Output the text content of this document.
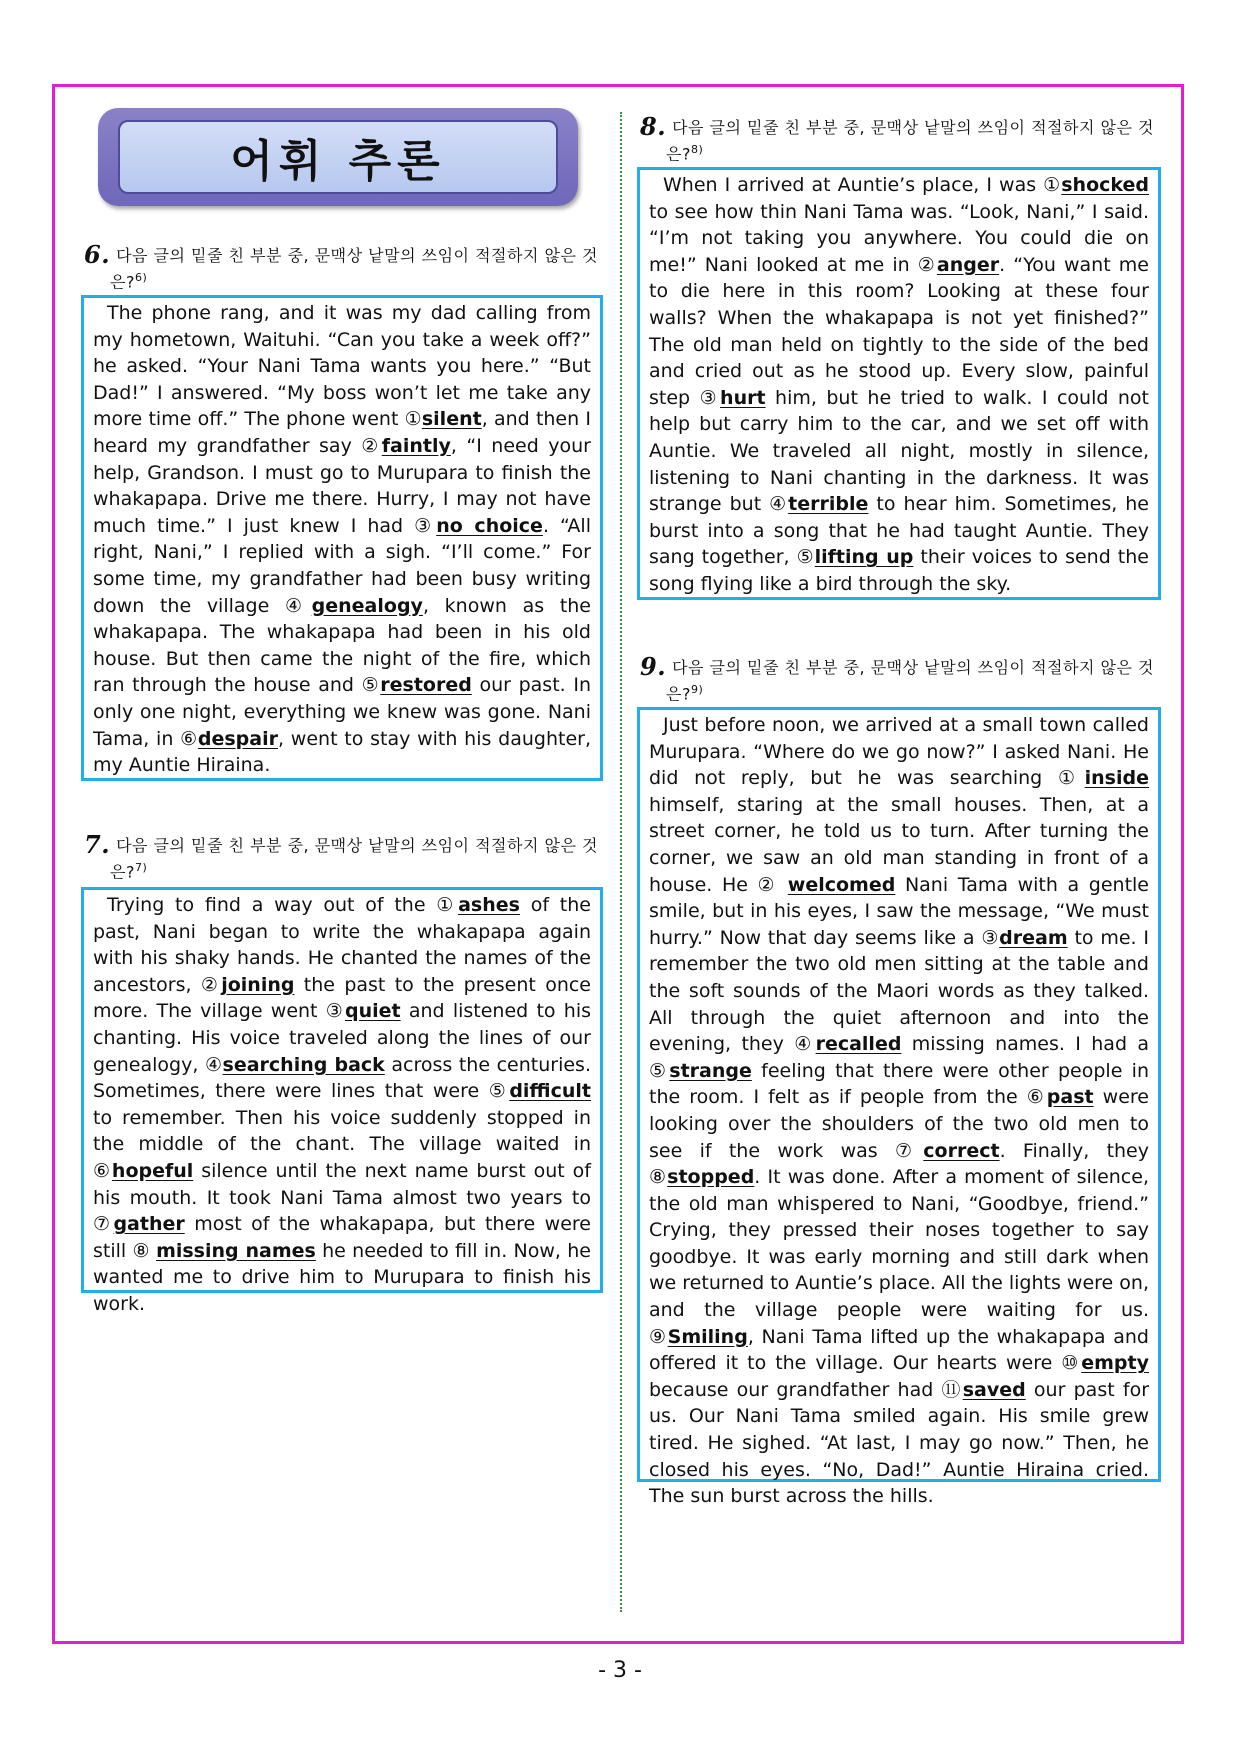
어휘 추론
6. 다음 글의 밑줄 친 부분 중, 문맥상 낱말의 쓰임이 적절하지 않은 것
은?$^{6)}$
The phone rang, and it was my dad calling from my hometown, Waituhi. “Can you take a week off?” he asked. “Your Nani Tama wants you here.” “But Dad!” I answered. “My boss won’t let me take any more time off.” The phone went ①silent, and then I heard my grandfather say ②faintly, “I need your help, Grandson. I must go to Murupara to finish the whakapapa. Drive me there. Hurry, I may not have much time.” I just knew I had ③no choice. “All right, Nani,” I replied with a sigh. “I’ll come.” For some time, my grandfather had been busy writing down the village ④genealogy, known as the whakapapa. The whakapapa had been in his old house. But then came the night of the fire, which ran through the house and ⑤restored our past. In only one night, everything we knew was gone. Nani Tama, in ⑥despair, went to stay with his daughter, my Auntie Hiraina.
7. 다음 글의 밑줄 친 부분 중, 문맥상 낱말의 쓰임이 적절하지 않은 것
은?$^{7)}$
Trying to find a way out of the ①ashes of the past, Nani began to write the whakapapa again with his shaky hands. He chanted the names of the ancestors, ②joining the past to the present once more. The village went ③quiet and listened to his chanting. His voice traveled along the lines of our genealogy, ④searching back across the centuries. Sometimes, there were lines that were ⑤difficult to remember. Then his voice suddenly stopped in the middle of the chant. The village waited in ⑥hopeful silence until the next name burst out of his mouth. It took Nani Tama almost two years to ⑦gather most of the whakapapa, but there were still ⑧ missing names he needed to fill in. Now, he wanted me to drive him to Murupara to finish his work.
8. 다음 글의 밑줄 친 부분 중, 문맥상 낱말의 쓰임이 적절하지 않은 것
은?$^{8)}$
When I arrived at Auntie’s place, I was ①shocked to see how thin Nani Tama was. “Look, Nani,” I said. “I’m not taking you anywhere. You could die on me!” Nani looked at me in ②anger. “You want me to die here in this room? Looking at these four walls? When the whakapapa is not yet finished?” The old man held on tightly to the side of the bed and cried out as he stood up. Every slow, painful step ③hurt him, but he tried to walk. I could not help but carry him to the car, and we set off with Auntie. We traveled all night, mostly in silence, listening to Nani chanting in the darkness. It was strange but ④terrible to hear him. Sometimes, he burst into a song that he had taught Auntie. They sang together, ⑤lifting up their voices to send the song flying like a bird through the sky.
9. 다음 글의 밑줄 친 부분 중, 문맥상 낱말의 쓰임이 적절하지 않은 것
은?$^{9)}$
Just before noon, we arrived at a small town called Murupara. “Where do we go now?” I asked Nani. He did not reply, but he was searching ①inside himself, staring at the small houses. Then, at a street corner, he told us to turn. After turning the corner, we saw an old man standing in front of a house. He ② welcomed Nani Tama with a gentle smile, but in his eyes, I saw the message, “We must hurry.” Now that day seems like a ③dream to me. I remember the two old men sitting at the table and the soft sounds of the Maori words as they talked. All through the quiet afternoon and into the evening, they ④recalled missing names. I had a ⑤strange feeling that there were other people in the room. I felt as if people from the ⑥past were looking over the shoulders of the two old men to see if the work was ⑦correct. Finally, they ⑧stopped. It was done. After a moment of silence, the old man whispered to Nani, “Goodbye, friend.” Crying, they pressed their noses together to say goodbye. It was early morning and still dark when we returned to Auntie’s place. All the lights were on, and the village people were waiting for us. ⑨Smiling, Nani Tama lifted up the whakapapa and offered it to the village. Our hearts were ⑩empty because our grandfather had ⑪saved our past for us. Our Nani Tama smiled again. His smile grew tired. He sighed. “At last, I may go now.” Then, he closed his eyes. “No, Dad!” Auntie Hiraina cried. The sun burst across the hills.
- 3 -
